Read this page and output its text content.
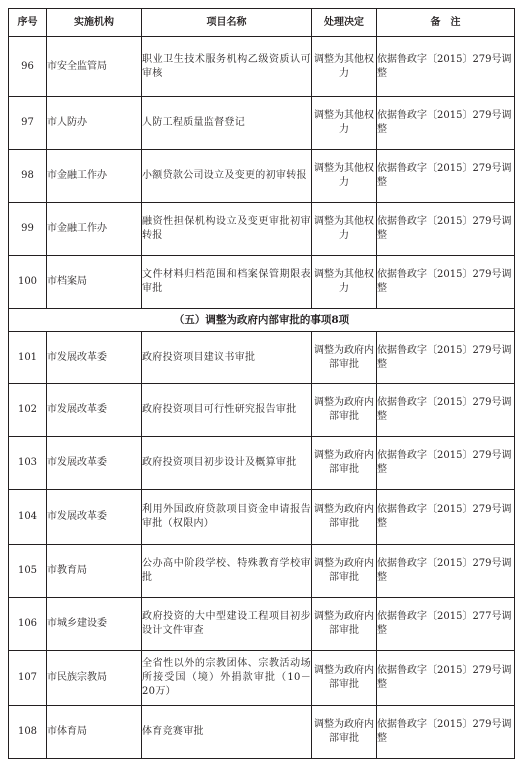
序号	实施机构	项目名称	处理决定	备　注
96	市安全监管局	职业卫生技术服务机构乙级资质认可审核	调整为其他权力	依据鲁政字〔2015〕279号调整
97	市人防办	人防工程质量监督登记	调整为其他权力	依据鲁政字〔2015〕279号调整
98	市金融工作办	小额贷款公司设立及变更的初审转报	调整为其他权力	依据鲁政字〔2015〕279号调整
99	市金融工作办	融资性担保机构设立及变更审批初审转报	调整为其他权力	依据鲁政字〔2015〕279号调整
100	市档案局	文件材料归档范围和档案保管期限表审批	调整为其他权力	依据鲁政字〔2015〕279号调整
（五）调整为政府内部审批的事项8项				
101	市发展改革委	政府投资项目建议书审批	调整为政府内部审批	依据鲁政字〔2015〕279号调整
102	市发展改革委	政府投资项目可行性研究报告审批	调整为政府内部审批	依据鲁政字〔2015〕279号调整
103	市发展改革委	政府投资项目初步设计及概算审批	调整为政府内部审批	依据鲁政字〔2015〕279号调整
104	市发展改革委	利用外国政府贷款项目资金申请报告审批（权限内）	调整为政府内部审批	依据鲁政字〔2015〕279号调整
105	市教育局	公办高中阶段学校、特殊教育学校审批	调整为政府内部审批	依据鲁政字〔2015〕279号调整
106	市城乡建设委	政府投资的大中型建设工程项目初步设计文件审查	调整为政府内部审批	依据鲁政字〔2015〕277号调整
107	市民族宗教局	全省性以外的宗教团体、宗教活动场所接受国（境）外捐款审批（10－20万）	调整为政府内部审批	依据鲁政字〔2015〕279号调整
108	市体育局	体育竞赛审批	调整为政府内部审批	依据鲁政字〔2015〕279号调整
